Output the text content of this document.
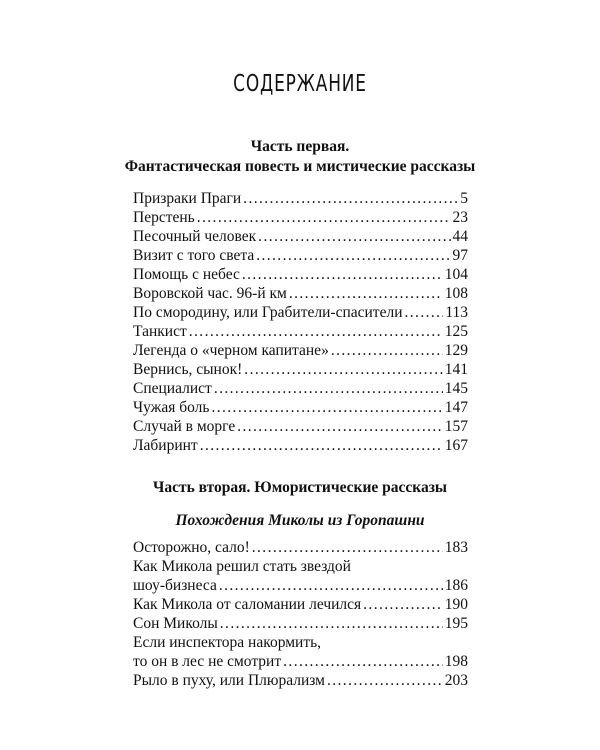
СОДЕРЖАНИЕ
Часть первая.
Фантастическая повесть и мистические рассказы
Призраки Праги .....	5
Перстень .....	23
Песочный человек .....	44
Визит с того света .....	97
Помощь с небес .....	104
Воровской час. 96-й км .....	108
По смородину, или Грабители-спасители .....	113
Танкист .....	125
Легенда о «черном капитане» .....	129
Вернись, сынок! .....	141
Специалист .....	145
Чужая боль .....	147
Случай в морге .....	157
Лабиринт .....	167
Часть вторая. Юмористические рассказы
Похождения Миколы из Горопашни
Осторожно, сало! .....	183
Как Микола решил стать звездой
шоу-бизнеса .....	186
Как Микола от саломании лечился .....	190
Сон Миколы .....	195
Если инспектора накормить,
то он в лес не смотрит .....	198
Рыло в пуху, или Плюрализм .....	203
